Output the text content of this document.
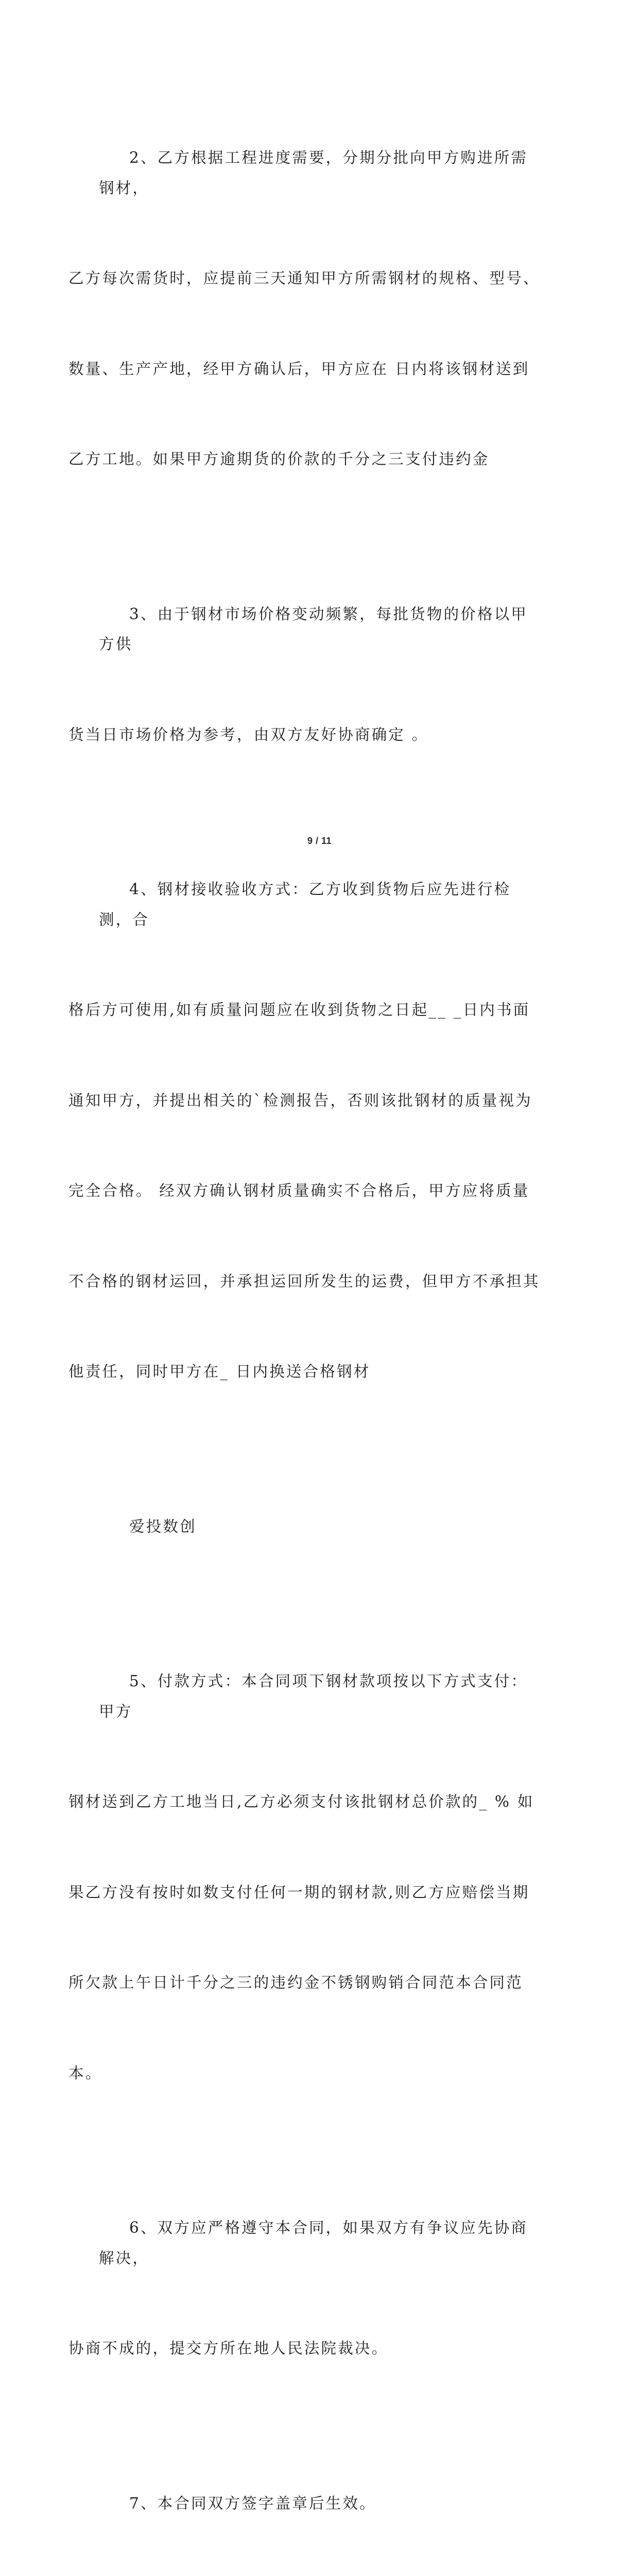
2、乙方根据工程进度需要，分期分批向甲方购进所需钢材，

乙方每次需货时，应提前三天通知甲方所需钢材的规格、型号、

数量、生产产地，经甲方确认后，甲方应在 日内将该钢材送到

乙方工地。如果甲方逾期货的价款的千分之三支付违约金

3、由于钢材市场价格变动频繁，每批货物的价格以甲方供

货当日市场价格为参考，由双方友好协商确定 。

4、钢材接收验收方式：乙方收到货物后应先进行检测，合

格后方可使用,如有质量问题应在收到货物之日起__ _日内书面

通知甲方，并提出相关的`检测报告，否则该批钢材的质量视为

完全合格。 经双方确认钢材质量确实不合格后，甲方应将质量

不合格的钢材运回，并承担运回所发生的运费，但甲方不承担其

他责任，同时甲方在_ 日内换送合格钢材

爱投数创

5、付款方式：本合同项下钢材款项按以下方式支付：甲方

钢材送到乙方工地当日,乙方必须支付该批钢材总价款的_ % 如

果乙方没有按时如数支付任何一期的钢材款,则乙方应赔偿当期

所欠款上午日计千分之三的违约金不锈钢购销合同范本合同范

本。

6、双方应严格遵守本合同，如果双方有争议应先协商解决，

协商不成的，提交方所在地人民法院裁决。

7、本合同双方签字盖章后生效。

9 / 11
